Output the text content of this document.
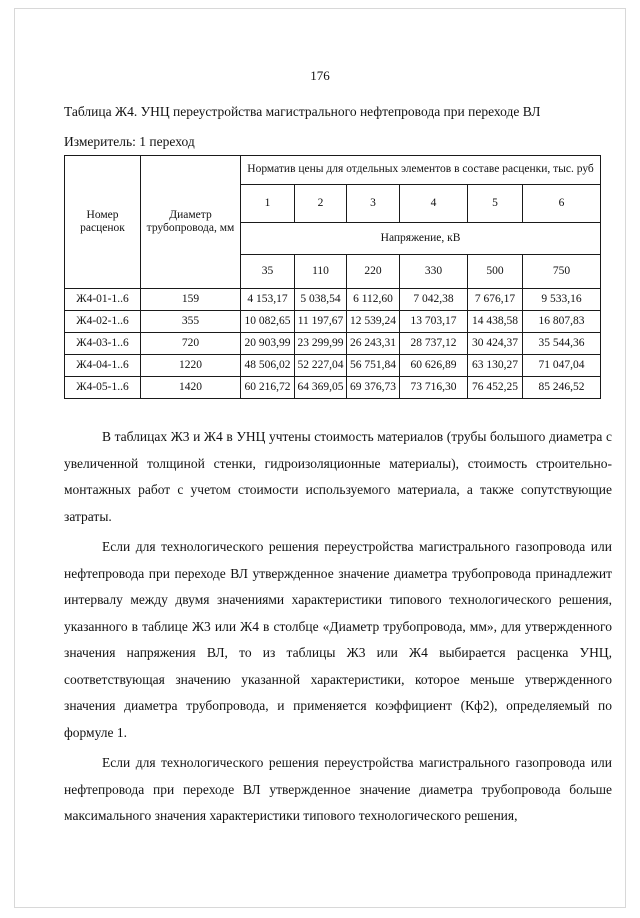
176
Таблица Ж4. УНЦ переустройства магистрального нефтепровода при переходе ВЛ
Измеритель: 1 переход
Номер расценок	Диаметр трубопровода, мм	Норматив цены для отдельных элементов в составе расценки, тыс. руб					
		1	2	3	4	5	6
		Напряжение, кВ					
		35	110	220	330	500	750
Ж4-01-1..6	159	4 153,17	5 038,54	6 112,60	7 042,38	7 676,17	9 533,16
Ж4-02-1..6	355	10 082,65	11 197,67	12 539,24	13 703,17	14 438,58	16 807,83
Ж4-03-1..6	720	20 903,99	23 299,99	26 243,31	28 737,12	30 424,37	35 544,36
Ж4-04-1..6	1220	48 506,02	52 227,04	56 751,84	60 626,89	63 130,27	71 047,04
Ж4-05-1..6	1420	60 216,72	64 369,05	69 376,73	73 716,30	76 452,25	85 246,52

В таблицах Ж3 и Ж4 в УНЦ учтены стоимость материалов (трубы большого диаметра с увеличенной толщиной стенки, гидроизоляционные материалы), стоимость строительно-монтажных работ с учетом стоимости используемого материала, а также сопутствующие затраты.

Если для технологического решения переустройства магистрального газопровода или нефтепровода при переходе ВЛ утвержденное значение диаметра трубопровода принадлежит интервалу между двумя значениями характеристики типового технологического решения, указанного в таблице Ж3 или Ж4 в столбце «Диаметр трубопровода, мм», для утвержденного значения напряжения ВЛ, то из таблицы Ж3 или Ж4 выбирается расценка УНЦ, соответствующая значению указанной характеристики, которое меньше утвержденного значения диаметра трубопровода, и применяется коэффициент (Кф2), определяемый по формуле 1.

Если для технологического решения переустройства магистрального газопровода или нефтепровода при переходе ВЛ утвержденное значение диаметра трубопровода больше максимального значения характеристики типового технологического решения,
